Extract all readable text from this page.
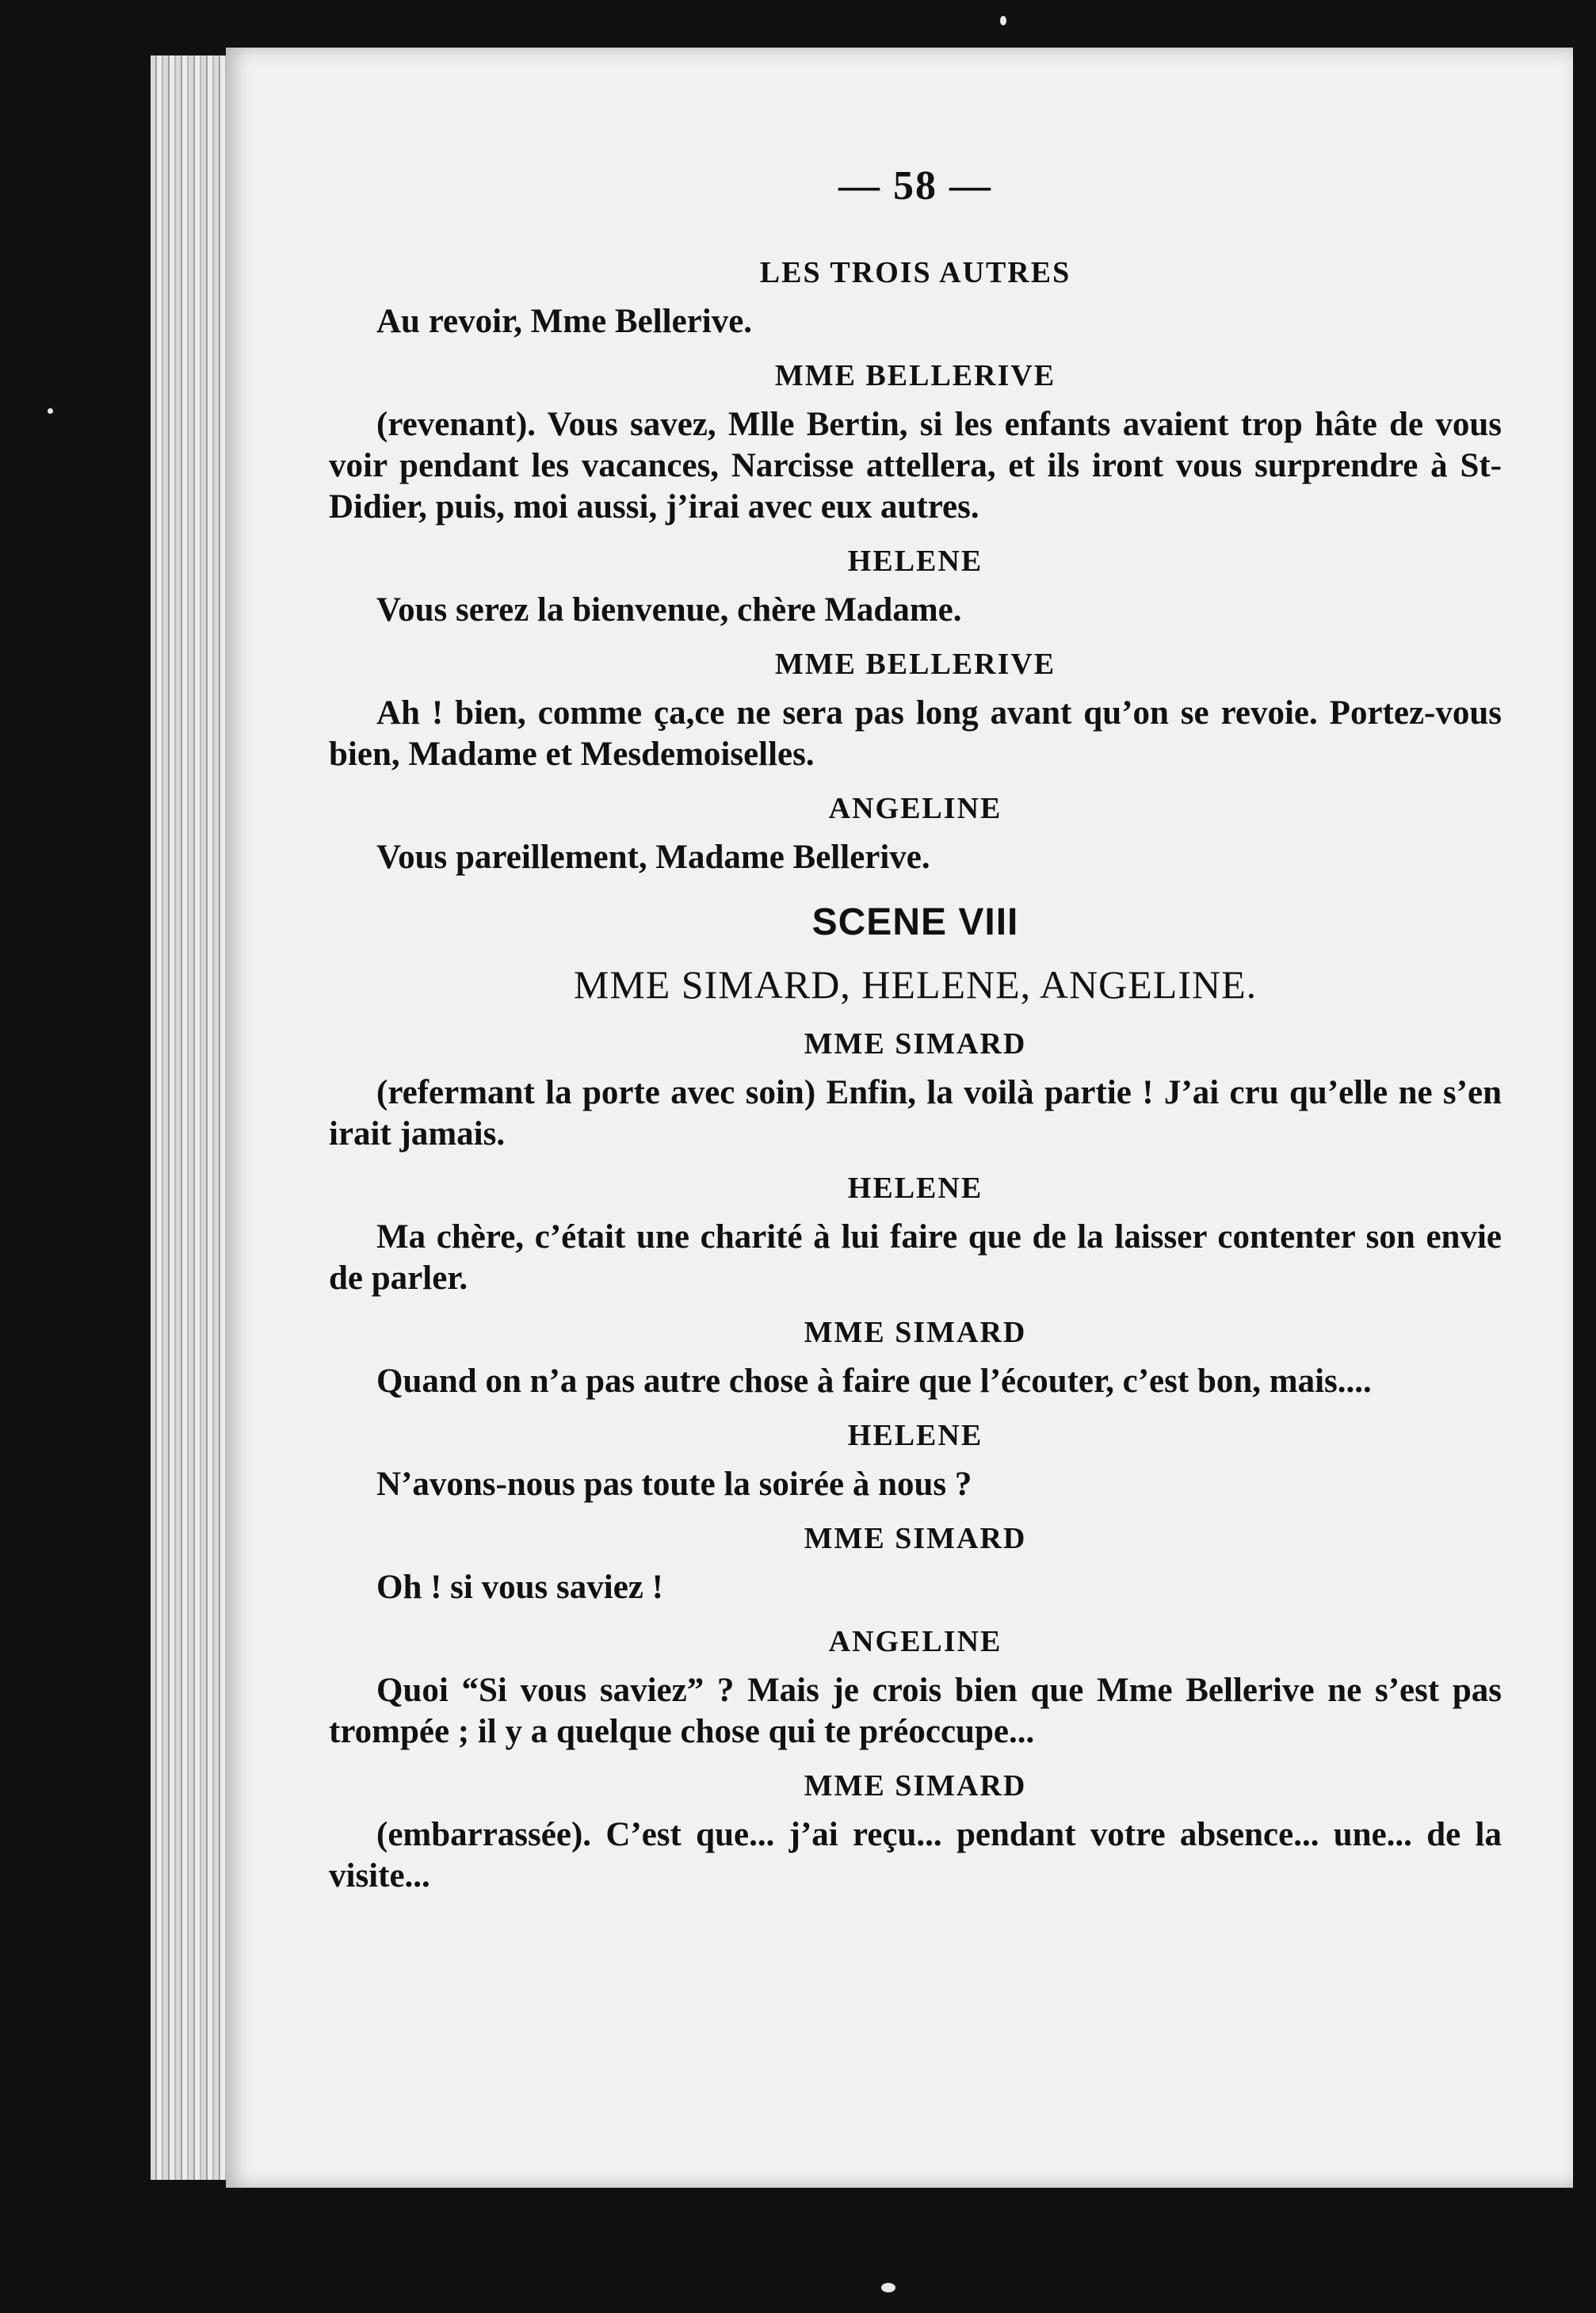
— 58 —
LES TROIS AUTRES

Au revoir, Mme Bellerive.

MME BELLERIVE

(revenant). Vous savez, Mlle Bertin, si les enfants avaient trop hâte de vous voir pendant les vacances, Narcisse attellera, et ils iront vous surprendre à St-Didier, puis, moi aussi, j’irai avec eux autres.

HELENE

Vous serez la bienvenue, chère Madame.

MME BELLERIVE

Ah ! bien, comme ça,ce ne sera pas long avant qu’on se revoie. Portez-vous bien, Madame et Mesdemoiselles.

ANGELINE

Vous pareillement, Madame Bellerive.

SCENE VIII
MME SIMARD, HELENE, ANGELINE.
MME SIMARD

(refermant la porte avec soin) Enfin, la voilà partie ! J’ai cru qu’elle ne s’en irait jamais.

HELENE

Ma chère, c’était une charité à lui faire que de la laisser contenter son envie de parler.

MME SIMARD

Quand on n’a pas autre chose à faire que l’écouter, c’est bon, mais....

HELENE

N’avons-nous pas toute la soirée à nous ?

MME SIMARD

Oh ! si vous saviez !

ANGELINE

Quoi “Si vous saviez” ? Mais je crois bien que Mme Bellerive ne s’est pas trompée ; il y a quelque chose qui te préoccupe...

MME SIMARD

(embarrassée). C’est que... j’ai reçu... pendant votre absence... une... de la visite...
